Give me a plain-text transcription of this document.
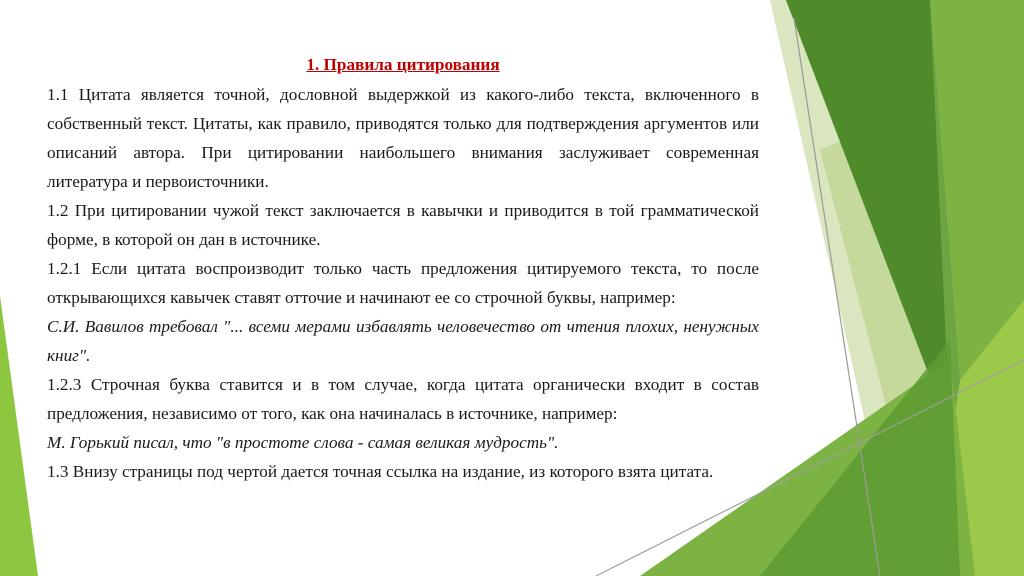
1. Правила цитирования

1.1 Цитата является точной, дословной выдержкой из какого-либо текста, включенного в собственный текст. Цитаты, как правило, приводятся только для подтверждения аргументов или описаний автора. При цитировании наибольшего внимания заслуживает современная литература и первоисточники.

1.2 При цитировании чужой текст заключается в кавычки и приводится в той грамматической форме, в которой он дан в источнике.

1.2.1 Если цитата воспроизводит только часть предложения цитируемого текста, то после открывающихся кавычек ставят отточие и начинают ее со строчной буквы, например:

С.И. Вавилов требовал "... всеми мерами избавлять человечество от чтения плохих, ненужных книг".

1.2.3 Строчная буква ставится и в том случае, когда цитата органически входит в состав предложения, независимо от того, как она начиналась в источнике, например:

М. Горький писал, что "в простоте слова - самая великая мудрость".

1.3 Внизу страницы под чертой дается точная ссылка на издание, из которого взята цитата.
